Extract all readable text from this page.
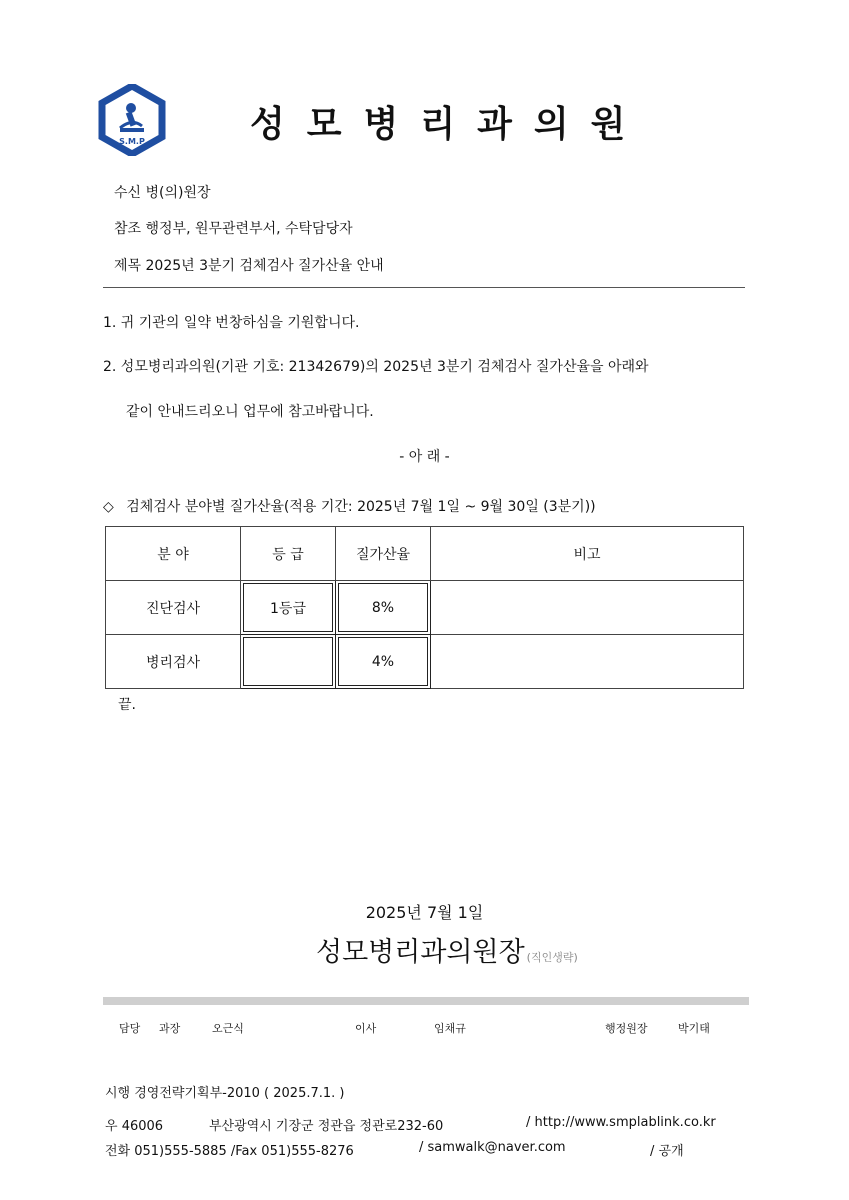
S.M.P	성모병리과의원
수신 병(의)원장
참조 행정부, 원무관련부서, 수탁담당자
제목 2025년 3분기 검체검사 질가산율 안내
1. 귀 기관의 일약 번창하심을 기원합니다.
2. 성모병리과의원(기관 기호: 21342679)의 2025년 3분기 검체검사 질가산율을 아래와
같이 안내드리오니 업무에 참고바랍니다.
- 아 래 -
◇ 검체검사 분야별 질가산율(적용 기간: 2025년 7월 1일 ~ 9월 30일 (3분기))
분 야	등 급	질가산율	비고
진단검사	1등급	8%	
병리검사		4%	
끝.
2025년 7월 1일
성모병리과의원장 (직인생략)
담당 과장	오근식	이사	임채규	행정원장	박기태
시행 경영전략기획부-2010 ( 2025.7.1. )
우 46006	부산광역시 기장군 정관읍 정관로232-60	/ http://www.smplablink.co.kr
전화 051)555-5885 /Fax 051)555-8276	/ samwalk@naver.com	/ 공개
